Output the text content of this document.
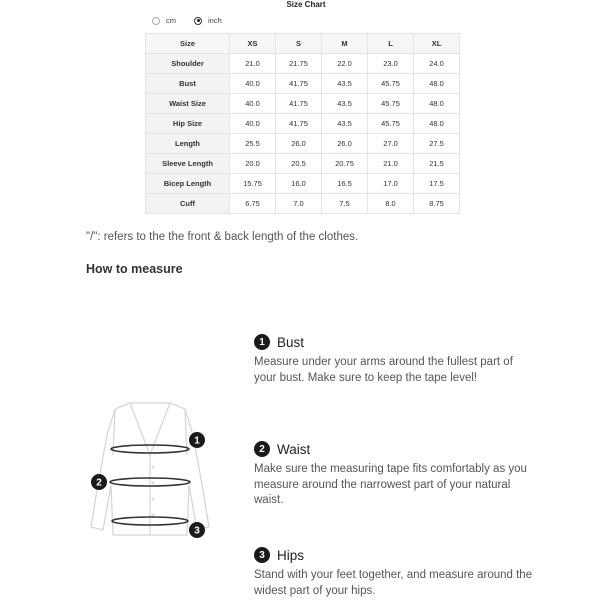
Size Chart
cm	inch
Size	XS	S	M	L	XL
Shoulder	21.0	21.75	22.0	23.0	24.0
Bust	40.0	41.75	43.5	45.75	48.0
Waist Size	40.0	41.75	43.5	45.75	48.0
Hip Size	40.0	41.75	43.5	45.75	48.0
Length	25.5	26.0	26.0	27.0	27.5
Sleeve Length	20.0	20.5	20.75	21.0	21.5
Bicep Length	15.75	16.0	16.5	17.0	17.5
Cuff	6.75	7.0	7.5	8.0	8.75
"/": refers to the the front & back length of the clothes.
How to measure
1
2
3
1 Bust
Measure under your arms around the fullest part of your bust. Make sure to keep the tape level!
2 Waist
Make sure the measuring tape fits comfortably as you measure around the narrowest part of your natural waist.
3 Hips
Stand with your feet together, and measure around the widest part of your hips.
